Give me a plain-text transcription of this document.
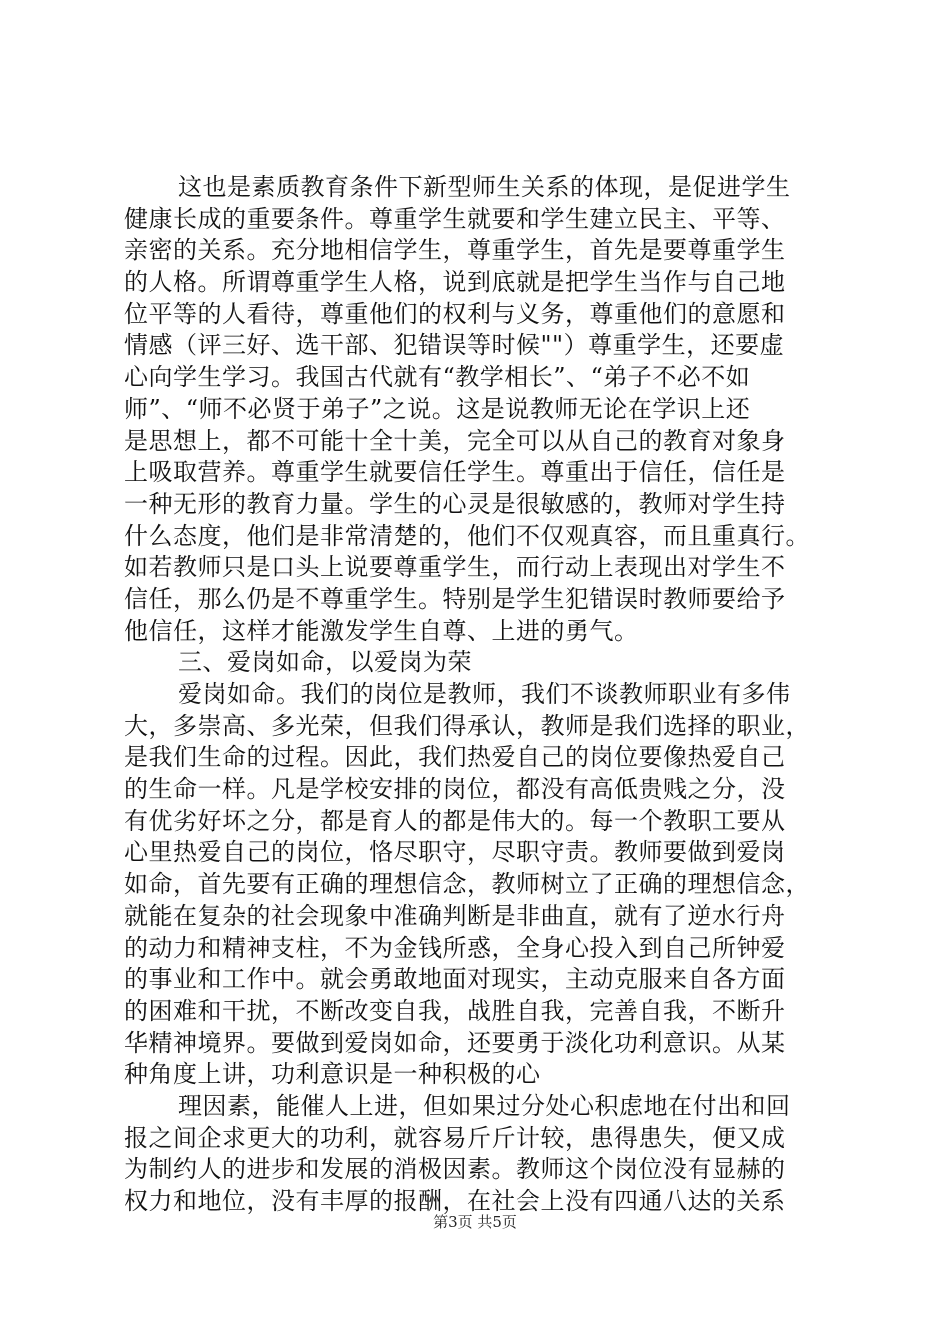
这也是素质教育条件下新型师生关系的体现，是促进学生
健康长成的重要条件。尊重学生就要和学生建立民主、平等、
亲密的关系。充分地相信学生，尊重学生，首先是要尊重学生
的人格。所谓尊重学生人格，说到底就是把学生当作与自己地
位平等的人看待，尊重他们的权利与义务，尊重他们的意愿和
情感（评三好、选干部、犯错误等时候""）尊重学生，还要虚
心向学生学习。我国古代就有“教学相长”、“弟子不必不如
师”、“师不必贤于弟子”之说。这是说教师无论在学识上还
是思想上，都不可能十全十美，完全可以从自己的教育对象身
上吸取营养。尊重学生就要信任学生。尊重出于信任，信任是
一种无形的教育力量。学生的心灵是很敏感的，教师对学生持
什么态度，他们是非常清楚的，他们不仅观真容，而且重真行。
如若教师只是口头上说要尊重学生，而行动上表现出对学生不
信任，那么仍是不尊重学生。特别是学生犯错误时教师要给予
他信任，这样才能激发学生自尊、上进的勇气。
三、爱岗如命，以爱岗为荣
爱岗如命。我们的岗位是教师，我们不谈教师职业有多伟
大，多崇高、多光荣，但我们得承认，教师是我们选择的职业，
是我们生命的过程。因此，我们热爱自己的岗位要像热爱自己
的生命一样。凡是学校安排的岗位，都没有高低贵贱之分，没
有优劣好坏之分，都是育人的都是伟大的。每一个教职工要从
心里热爱自己的岗位，恪尽职守，尽职守责。教师要做到爱岗
如命，首先要有正确的理想信念，教师树立了正确的理想信念，
就能在复杂的社会现象中准确判断是非曲直，就有了逆水行舟
的动力和精神支柱，不为金钱所惑，全身心投入到自己所钟爱
的事业和工作中。就会勇敢地面对现实，主动克服来自各方面
的困难和干扰，不断改变自我，战胜自我，完善自我，不断升
华精神境界。要做到爱岗如命，还要勇于淡化功利意识。从某
种角度上讲，功利意识是一种积极的心
理因素，能催人上进，但如果过分处心积虑地在付出和回
报之间企求更大的功利，就容易斤斤计较，患得患失，便又成
为制约人的进步和发展的消极因素。教师这个岗位没有显赫的
权力和地位，没有丰厚的报酬，在社会上没有四通八达的关系
第3页 共5页
